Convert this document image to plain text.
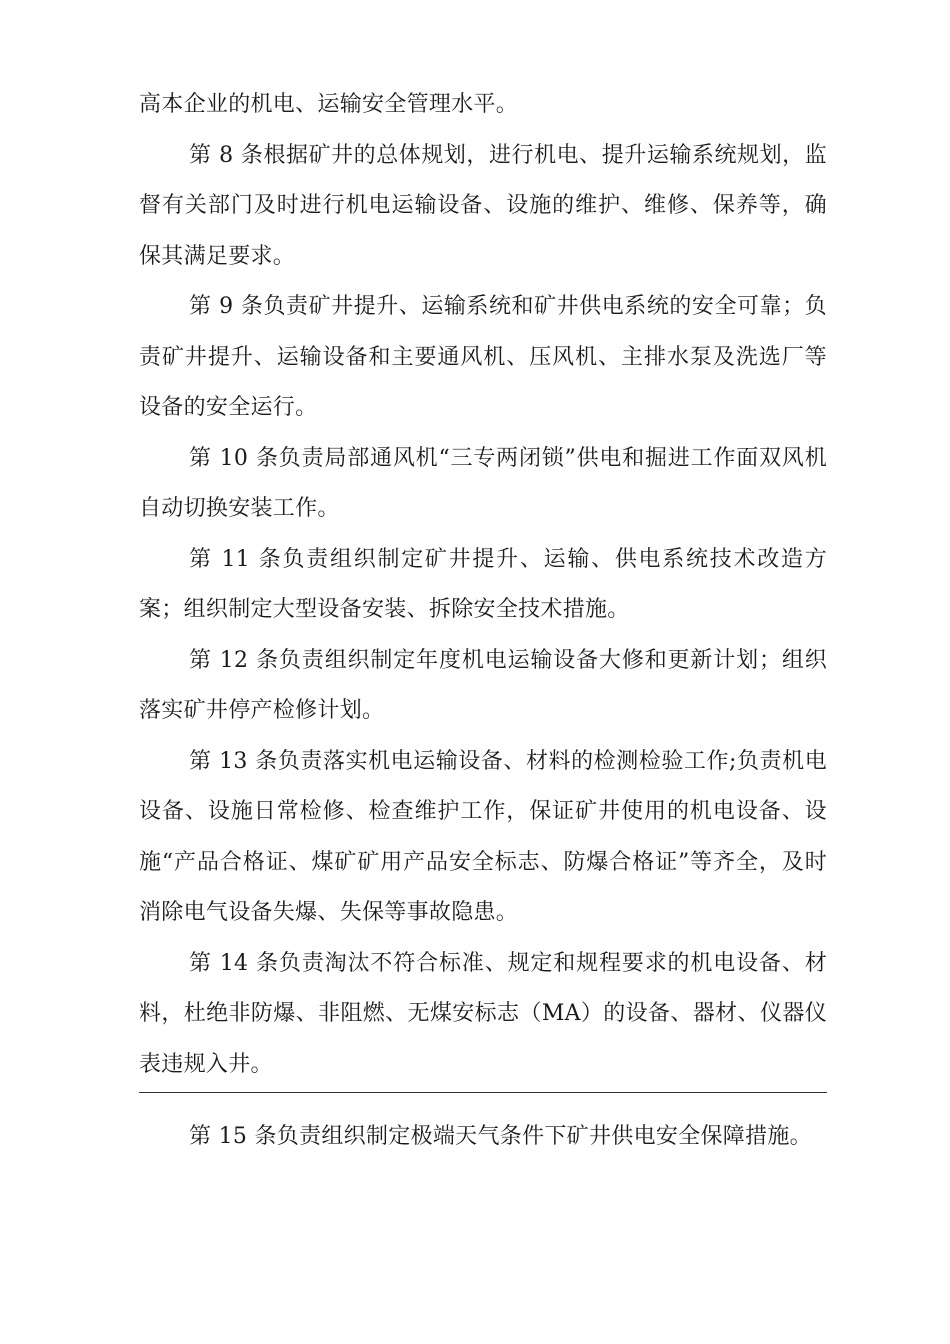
高本企业的机电、运输安全管理水平。

第 8 条根据矿井的总体规划，进行机电、提升运输系统规划，监督有关部门及时进行机电运输设备、设施的维护、维修、保养等，确保其满足要求。

第 9 条负责矿井提升、运输系统和矿井供电系统的安全可靠；负责矿井提升、运输设备和主要通风机、压风机、主排水泵及洗选厂等设备的安全运行。

第 10 条负责局部通风机“三专两闭锁”供电和掘进工作面双风机自动切换安装工作。

第 11 条负责组织制定矿井提升、运输、供电系统技术改造方案；组织制定大型设备安装、拆除安全技术措施。

第 12 条负责组织制定年度机电运输设备大修和更新计划；组织落实矿井停产检修计划。

第 13 条负责落实机电运输设备、材料的检测检验工作;负责机电设备、设施日常检修、检查维护工作，保证矿井使用的机电设备、设施“产品合格证、煤矿矿用产品安全标志、防爆合格证”等齐全，及时消除电气设备失爆、失保等事故隐患。

第 14 条负责淘汰不符合标准、规定和规程要求的机电设备、材料，杜绝非防爆、非阻燃、无煤安标志（MA）的设备、器材、仪器仪表违规入井。

第 15 条负责组织制定极端天气条件下矿井供电安全保障措施。
